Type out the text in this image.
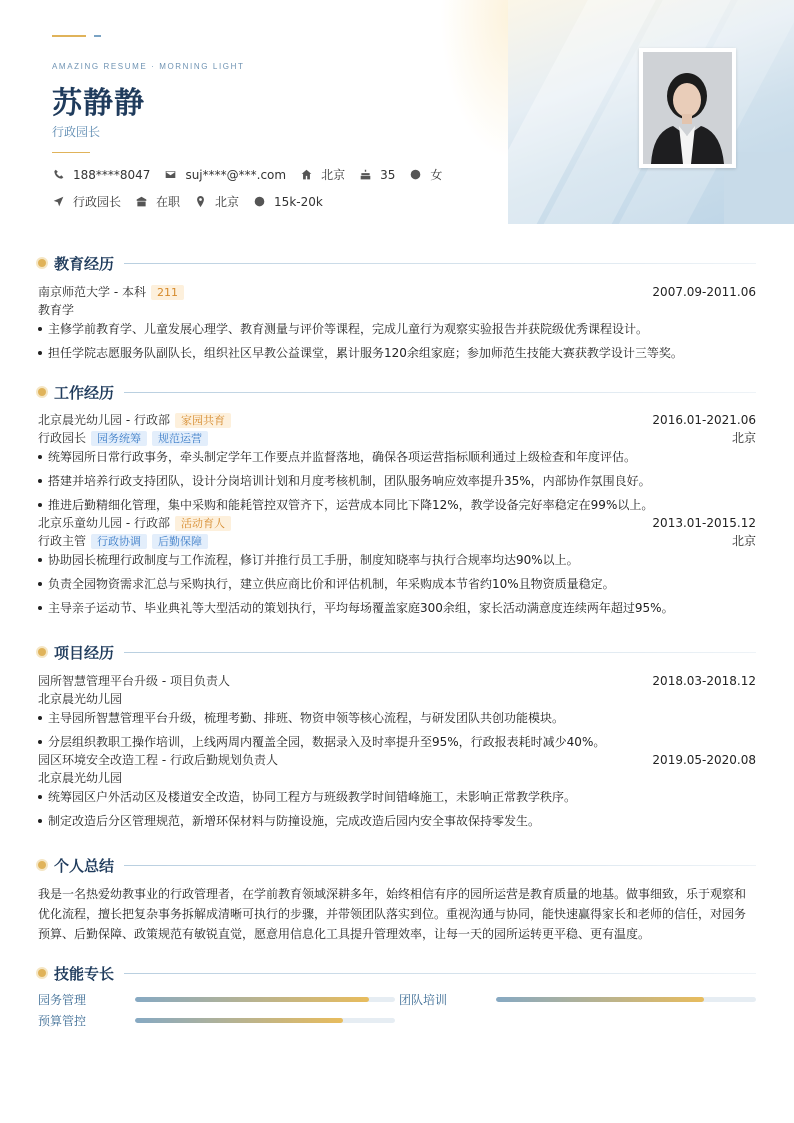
AMAZING RESUME · MORNING LIGHT
苏静静
行政园长
188****8047	suj****@***.com	北京	35	女
行政园长	在职	北京	15k-20k
教育经历
南京师范大学 - 本科	211	2007.09-2011.06
教育学
主修学前教育学、儿童发展心理学、教育测量与评价等课程，完成儿童行为观察实验报告并获院级优秀课程设计。
担任学院志愿服务队副队长，组织社区早教公益课堂，累计服务120余组家庭；参加师范生技能大赛获教学设计三等奖。
工作经历
北京晨光幼儿园 - 行政部	家园共育	2016.01-2021.06
行政园长	园务统筹	规范运营	北京
统筹园所日常行政事务，牵头制定学年工作要点并监督落地，确保各项运营指标顺利通过上级检查和年度评估。
搭建并培养行政支持团队，设计分岗培训计划和月度考核机制，团队服务响应效率提升35%，内部协作氛围良好。
推进后勤精细化管理，集中采购和能耗管控双管齐下，运营成本同比下降12%，教学设备完好率稳定在99%以上。
北京乐童幼儿园 - 行政部	活动育人	2013.01-2015.12
行政主管	行政协调	后勤保障	北京
协助园长梳理行政制度与工作流程，修订并推行员工手册，制度知晓率与执行合规率均达90%以上。
负责全园物资需求汇总与采购执行，建立供应商比价和评估机制，年采购成本节省约10%且物资质量稳定。
主导亲子运动节、毕业典礼等大型活动的策划执行，平均每场覆盖家庭300余组，家长活动满意度连续两年超过95%。
项目经历
园所智慧管理平台升级 - 项目负责人	2018.03-2018.12
北京晨光幼儿园
主导园所智慧管理平台升级，梳理考勤、排班、物资申领等核心流程，与研发团队共创功能模块。
分层组织教职工操作培训，上线两周内覆盖全园，数据录入及时率提升至95%，行政报表耗时减少40%。
园区环境安全改造工程 - 行政后勤规划负责人	2019.05-2020.08
北京晨光幼儿园
统筹园区户外活动区及楼道安全改造，协同工程方与班级教学时间错峰施工，未影响正常教学秩序。
制定改造后分区管理规范，新增环保材料与防撞设施，完成改造后园内安全事故保持零发生。
个人总结

我是一名热爱幼教事业的行政管理者，在学前教育领域深耕多年，始终相信有序的园所运营是教育质量的地基。做事细致，乐于观察和优化流程，擅长把复杂事务拆解成清晰可执行的步骤，并带领团队落实到位。重视沟通与协同，能快速赢得家长和老师的信任，对园务预算、后勤保障、政策规范有敏锐直觉，愿意用信息化工具提升管理效率，让每一天的园所运转更平稳、更有温度。

技能专长
园务管理	团队培训
预算管控
